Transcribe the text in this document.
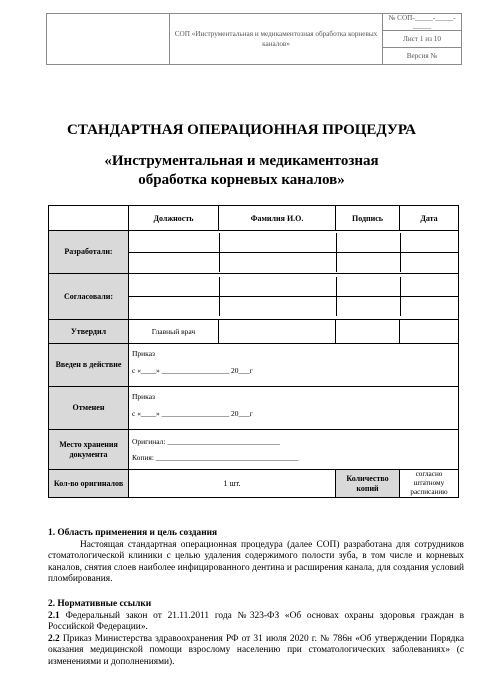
	СОП «Инструментальная и медикаментозная обработка корневых каналов»	№ СОП-_____-_____-_____
Лист 1 из 10
Версия №
СТАНДАРТНАЯ ОПЕРАЦИОННАЯ ПРОЦЕДУРА
«Инструментальная и медикаментозная обработка корневых каналов»
	Должность	Фамилия И.О.	Подпись	Дата
Разработали:	

Согласовали:	

Утвердил	Главный врач			
Введен в действие	
Приказ
с «____» __________________ 20___г

Отменен	
Приказ
с «____» __________________ 20___г

Место хранения документа	
Оригинал: ______________________________
Копия: ______________________________________

Кол-во оригиналов	1 шт.	Количество копий	согласно штатному расписанию
1. Область применения и цель создания
Настоящая стандартная операционная процедура (далее СОП) разработана для сотрудников стоматологической клиники с целью удаления содержимого полости зуба, в том числе и корневых каналов, снятия слоев наиболее инфицированного дентина и расширения канала, для создания условий пломбирования.
2. Нормативные ссылки
2.1 Федеральный закон от 21.11.2011 года №323-ФЗ «Об основах охраны здоровья граждан в Российской Федерации».
2.2 Приказ Министерства здравоохранения РФ от 31 июля 2020 г. № 786н «Об утверждении Порядка оказания медицинской помощи взрослому населению при стоматологических заболеваниях» (с изменениями и дополнениями).
